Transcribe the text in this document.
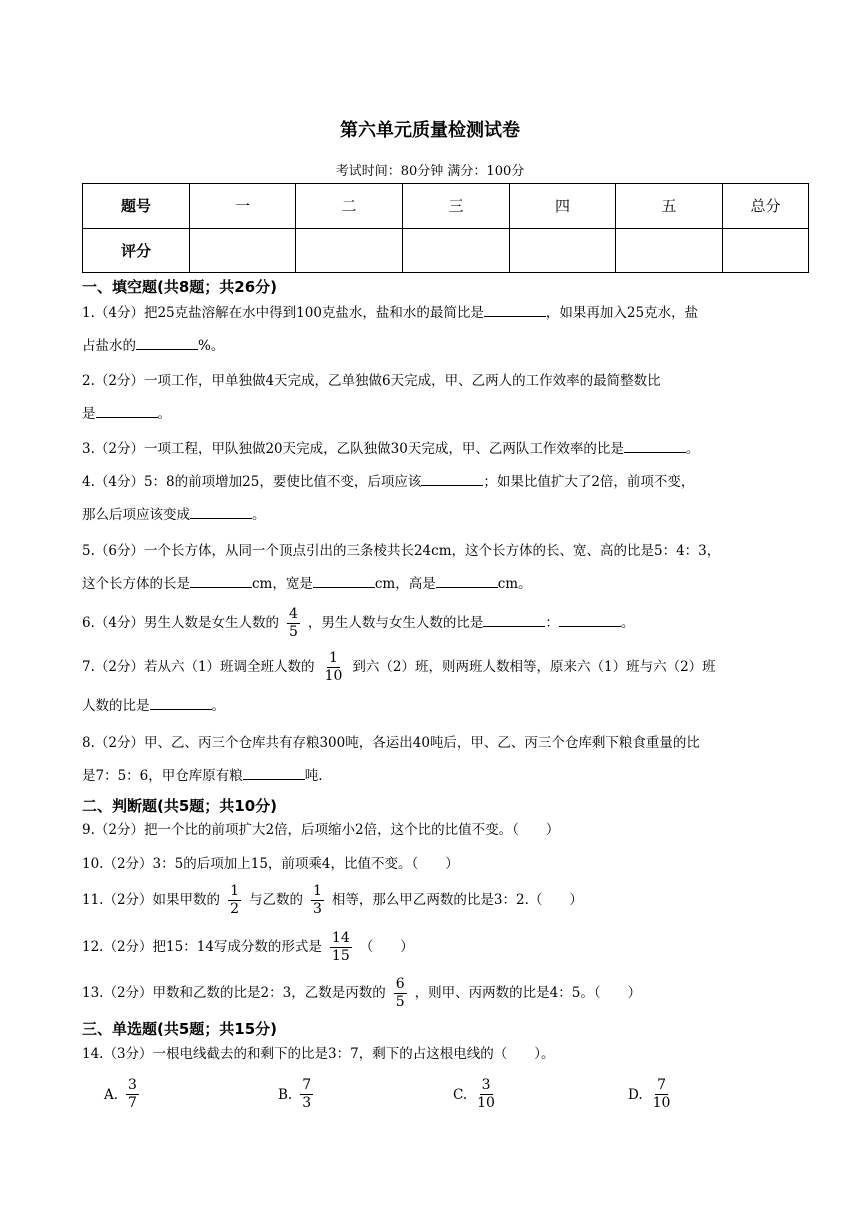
第六单元质量检测试卷
考试时间：80分钟 满分：100分
题号	一	二	三	四	五	总分
评分						
一、填空题(共8题；共26分)
1.（4分）把25克盐溶解在水中得到100克盐水，盐和水的最简比是	，如果再加入25克水，盐
占盐水的	%。
2.（2分）一项工作，甲单独做4天完成，乙单独做6天完成，甲、乙两人的工作效率的最简整数比
是	。
3.（2分）一项工程，甲队独做20天完成，乙队独做30天完成，甲、乙两队工作效率的比是	。
4.（4分）5：8的前项增加25，要使比值不变，后项应该	；如果比值扩大了2倍，前项不变，
那么后项应该变成	。
5.（6分）一个长方体，从同一个顶点引出的三条棱共长24cm，这个长方体的长、宽、高的比是5：4：3，
这个长方体的长是	cm，宽是	cm，高是	cm。
6.（4分）男生人数是女生人数的 $\frac{4}{5}$ ，男生人数与女生人数的比是	：	。
7.（2分）若从六（1）班调全班人数的 $\frac{1}{10}$ 到六（2）班，则两班人数相等，原来六（1）班与六（2）班
人数的比是	。
8.（2分）甲、乙、丙三个仓库共有存粮300吨，各运出40吨后，甲、乙、丙三个仓库剩下粮食重量的比
是7：5：6，甲仓库原有粮	吨.
二、判断题(共5题；共10分)
9.（2分）把一个比的前项扩大2倍，后项缩小2倍，这个比的比值不变。（　　）
10.（2分）3：5的后项加上15，前项乘4，比值不变。（　　）
11.（2分）如果甲数的 $\frac{1}{2}$ 与乙数的 $\frac{1}{3}$ 相等，那么甲乙两数的比是3：2.（　　）
12.（2分）把15：14写成分数的形式是 $\frac{14}{15}$ （　　）
13.（2分）甲数和乙数的比是2：3，乙数是丙数的 $\frac{6}{5}$ ，则甲、丙两数的比是4：5。（　　）
三、单选题(共5题；共15分)
14.（3分）一根电线截去的和剩下的比是3：7，剩下的占这根电线的（　　）。
A. $\frac{3}{7}$	B. $\frac{7}{3}$	C. $\frac{3}{10}$	D. $\frac{7}{10}$
